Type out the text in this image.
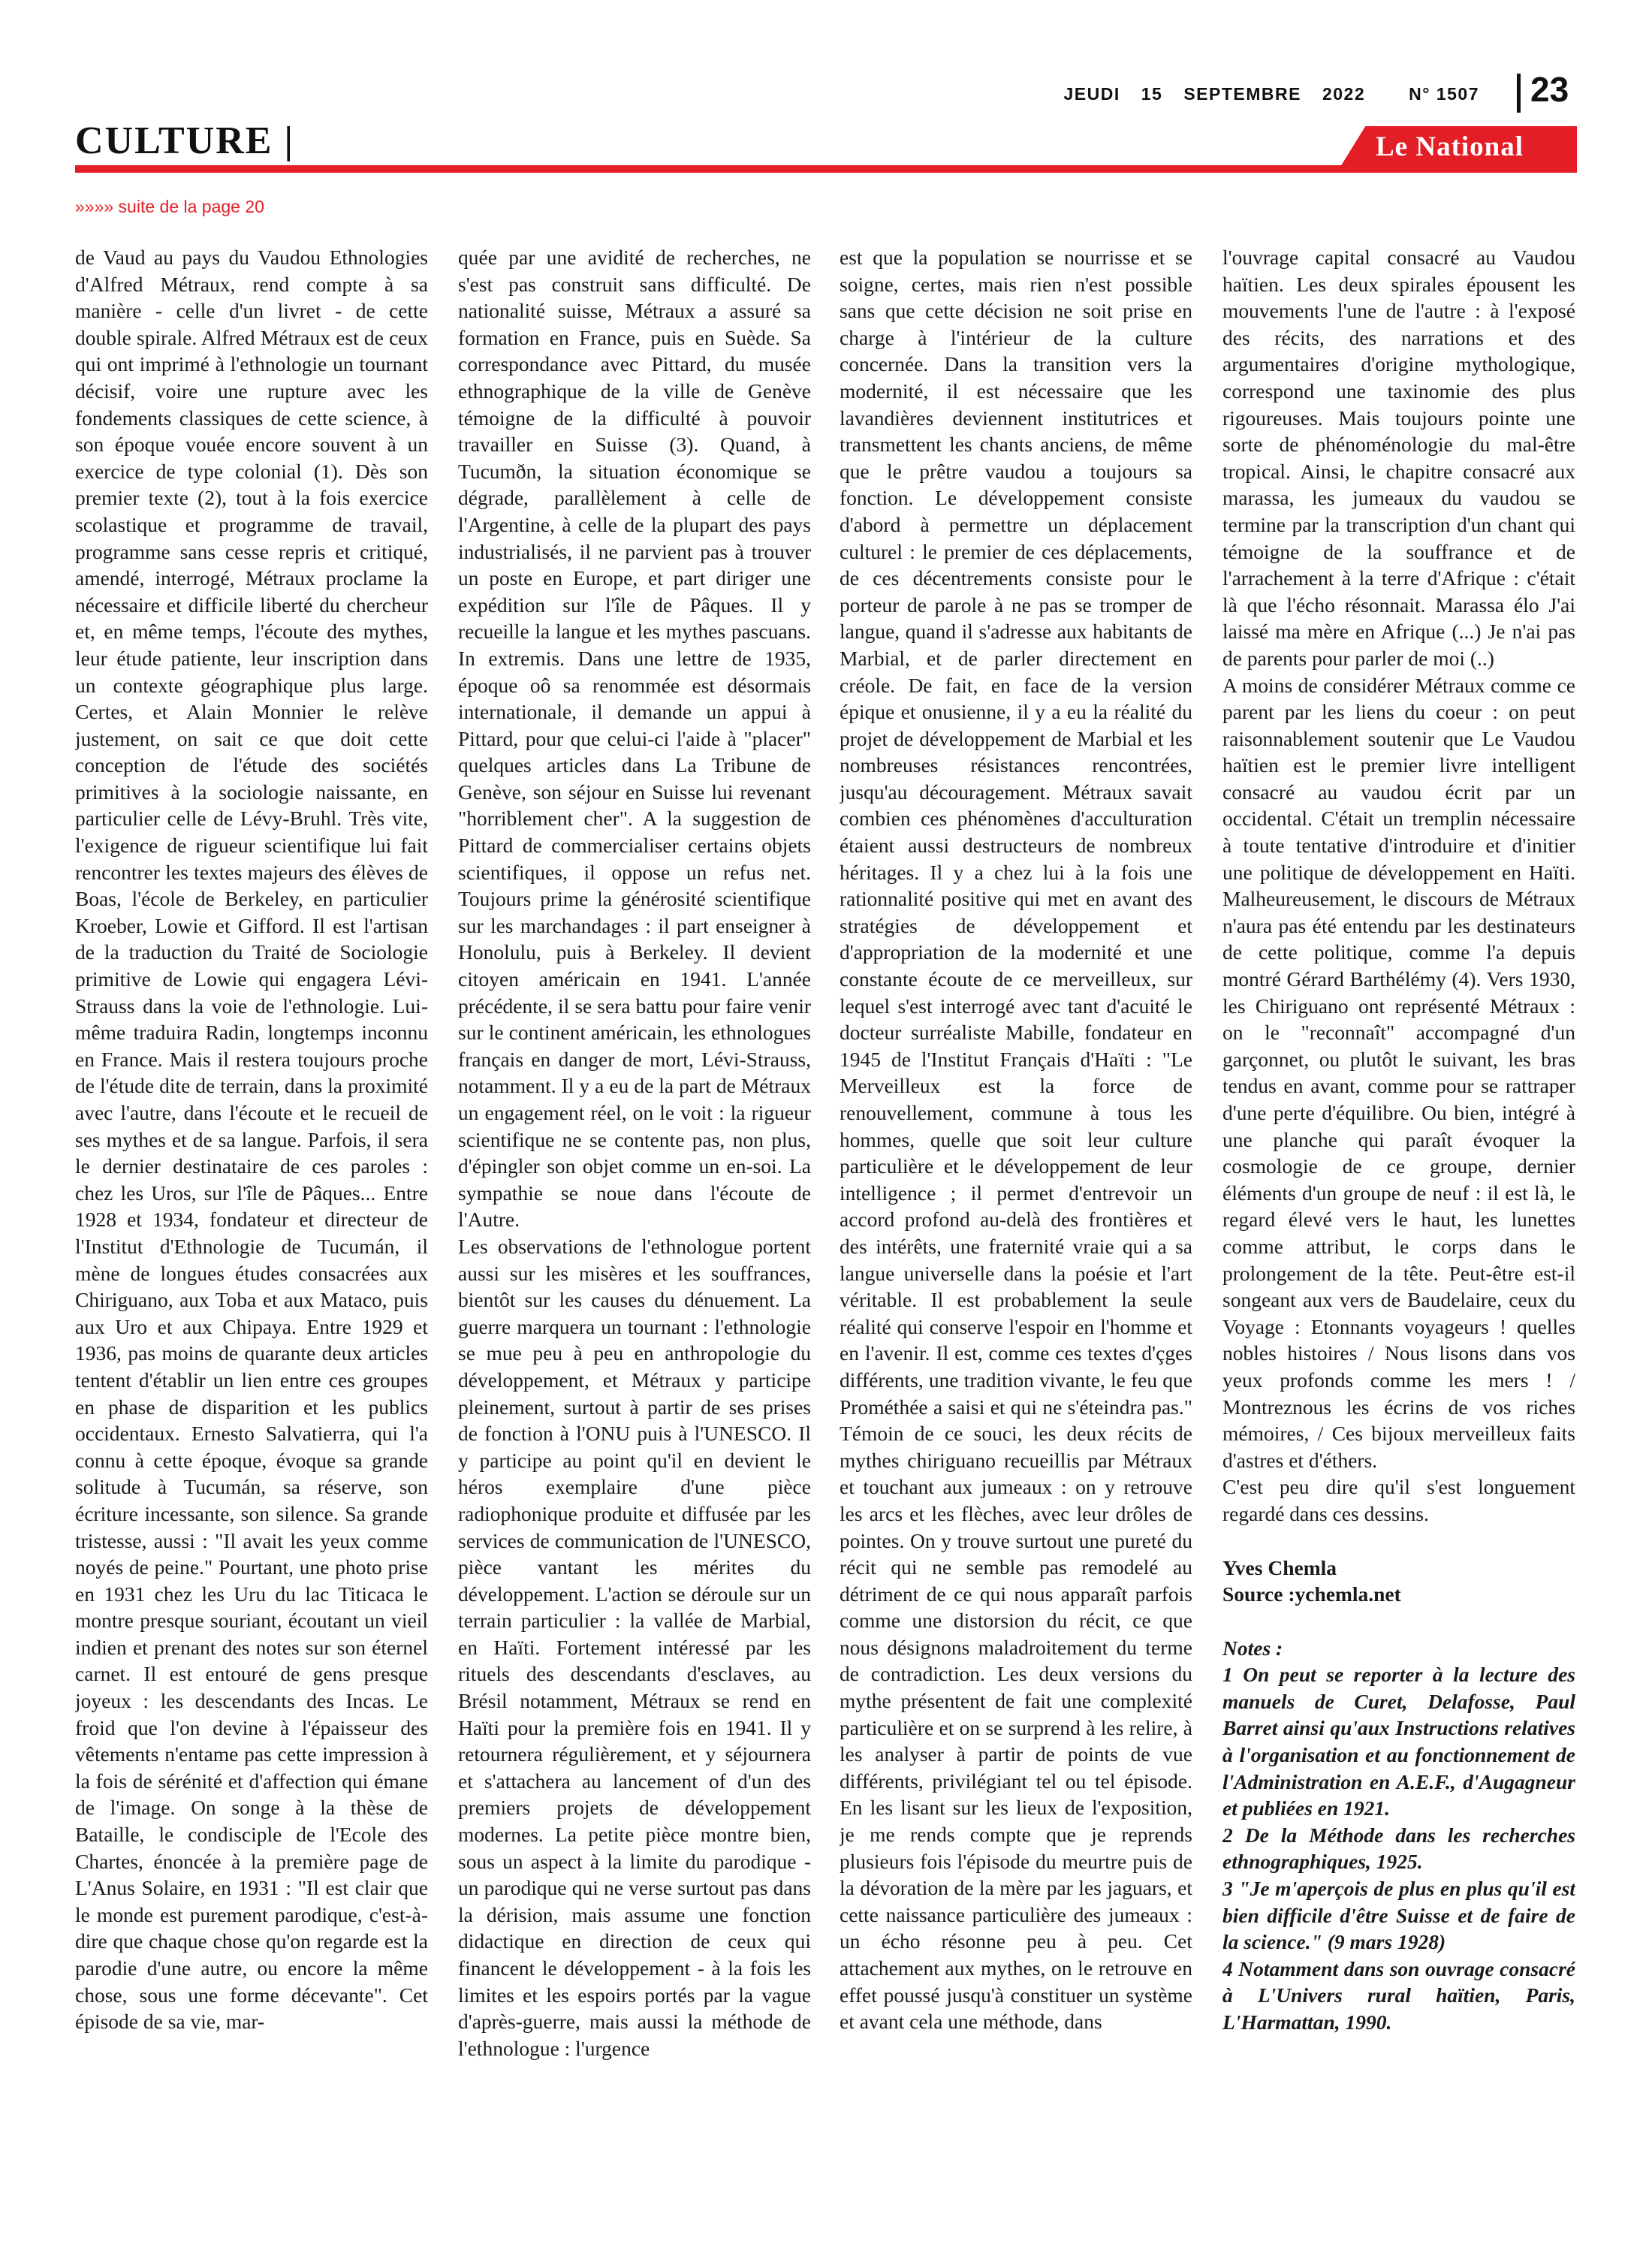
JEUDI 15 SEPTEMBRE 2022	N° 1507 23
CULTURE |	Le National
»»»» suite de la page 20

de Vaud au pays du Vaudou Ethnologies d'Alfred Métraux, rend compte à sa manière - celle d'un livret - de cette double spirale. Alfred Métraux est de ceux qui ont imprimé à l'ethnologie un tournant décisif, voire une rupture avec les fondements classiques de cette science, à son époque vouée encore souvent à un exercice de type colonial (1). Dès son premier texte (2), tout à la fois exercice scolastique et programme de travail, programme sans cesse repris et critiqué, amendé, interrogé, Métraux proclame la nécessaire et difficile liberté du chercheur et, en même temps, l'écoute des mythes, leur étude patiente, leur inscription dans un contexte géographique plus large. Certes, et Alain Monnier le relève justement, on sait ce que doit cette conception de l'étude des sociétés primitives à la sociologie naissante, en particulier celle de Lévy-Bruhl. Très vite, l'exigence de rigueur scientifique lui fait rencontrer les textes majeurs des élèves de Boas, l'école de Berkeley, en particulier Kroeber, Lowie et Gifford. Il est l'artisan de la traduction du Traité de Sociologie primitive de Lowie qui engagera Lévi-Strauss dans la voie de l'ethnologie. Lui-même traduira Radin, longtemps inconnu en France. Mais il restera toujours proche de l'étude dite de terrain, dans la proximité avec l'autre, dans l'écoute et le recueil de ses mythes et de sa langue. Parfois, il sera le dernier destinataire de ces paroles : chez les Uros, sur l'île de Pâques... Entre 1928 et 1934, fondateur et directeur de l'Institut d'Ethnologie de Tucumán, il mène de longues études consacrées aux Chiriguano, aux Toba et aux Mataco, puis aux Uro et aux Chipaya. Entre 1929 et 1936, pas moins de quarante deux articles tentent d'établir un lien entre ces groupes en phase de disparition et les publics occidentaux. Ernesto Salvatierra, qui l'a connu à cette époque, évoque sa grande solitude à Tucumán, sa réserve, son écriture incessante, son silence. Sa grande tristesse, aussi : "Il avait les yeux comme noyés de peine." Pourtant, une photo prise en 1931 chez les Uru du lac Titicaca le montre presque souriant, écoutant un vieil indien et prenant des notes sur son éternel carnet. Il est entouré de gens presque joyeux : les descendants des Incas. Le froid que l'on devine à l'épaisseur des vêtements n'entame pas cette impression à la fois de sérénité et d'affection qui émane de l'image. On songe à la thèse de Bataille, le condisciple de l'Ecole des Chartes, énoncée à la première page de L'Anus Solaire, en 1931 : "Il est clair que le monde est purement parodique, c'est-à-dire que chaque chose qu'on regarde est la parodie d'une autre, ou encore la même chose, sous une forme décevante". Cet épisode de sa vie, mar-

quée par une avidité de recherches, ne s'est pas construit sans difficulté. De nationalité suisse, Métraux a assuré sa formation en France, puis en Suède. Sa correspondance avec Pittard, du musée ethnographique de la ville de Genève témoigne de la difficulté à pouvoir travailler en Suisse (3). Quand, à Tucumðn, la situation économique se dégrade, parallèlement à celle de l'Argentine, à celle de la plupart des pays industrialisés, il ne parvient pas à trouver un poste en Europe, et part diriger une expédition sur l'île de Pâques. Il y recueille la langue et les mythes pascuans. In extremis. Dans une lettre de 1935, époque oô sa renommée est désormais internationale, il demande un appui à Pittard, pour que celui-ci l'aide à "placer" quelques articles dans La Tribune de Genève, son séjour en Suisse lui revenant "horriblement cher". A la suggestion de Pittard de commercialiser certains objets scientifiques, il oppose un refus net. Toujours prime la générosité scientifique sur les marchandages : il part enseigner à Honolulu, puis à Berkeley. Il devient citoyen américain en 1941. L'année précédente, il se sera battu pour faire venir sur le continent américain, les ethnologues français en danger de mort, Lévi-Strauss, notamment. Il y a eu de la part de Métraux un engagement réel, on le voit : la rigueur scientifique ne se contente pas, non plus, d'épingler son objet comme un en-soi. La sympathie se noue dans l'écoute de l'Autre.

Les observations de l'ethnologue portent aussi sur les misères et les souffrances, bientôt sur les causes du dénuement. La guerre marquera un tournant : l'ethnologie se mue peu à peu en anthropologie du développement, et Métraux y participe pleinement, surtout à partir de ses prises de fonction à l'ONU puis à l'UNESCO. Il y participe au point qu'il en devient le héros exemplaire d'une pièce radiophonique produite et diffusée par les services de communication de l'UNESCO, pièce vantant les mérites du développement. L'action se déroule sur un terrain particulier : la vallée de Marbial, en Haïti. Fortement intéressé par les rituels des descendants d'esclaves, au Brésil notamment, Métraux se rend en Haïti pour la première fois en 1941. Il y retournera régulièrement, et y séjournera et s'attachera au lancement of d'un des premiers projets de développement modernes. La petite pièce montre bien, sous un aspect à la limite du parodique - un parodique qui ne verse surtout pas dans la dérision, mais assume une fonction didactique en direction de ceux qui financent le développement - à la fois les limites et les espoirs portés par la vague d'après-guerre, mais aussi la méthode de l'ethnologue : l'urgence

est que la population se nourrisse et se soigne, certes, mais rien n'est possible sans que cette décision ne soit prise en charge à l'intérieur de la culture concernée. Dans la transition vers la modernité, il est nécessaire que les lavandières deviennent institutrices et transmettent les chants anciens, de même que le prêtre vaudou a toujours sa fonction. Le développement consiste d'abord à permettre un déplacement culturel : le premier de ces déplacements, de ces décentrements consiste pour le porteur de parole à ne pas se tromper de langue, quand il s'adresse aux habitants de Marbial, et de parler directement en créole. De fait, en face de la version épique et onusienne, il y a eu la réalité du projet de développement de Marbial et les nombreuses résistances rencontrées, jusqu'au découragement. Métraux savait combien ces phénomènes d'acculturation étaient aussi destructeurs de nombreux héritages. Il y a chez lui à la fois une rationnalité positive qui met en avant des stratégies de développement et d'appropriation de la modernité et une constante écoute de ce merveilleux, sur lequel s'est interrogé avec tant d'acuité le docteur surréaliste Mabille, fondateur en 1945 de l'Institut Français d'Haïti : "Le Merveilleux est la force de renouvellement, commune à tous les hommes, quelle que soit leur culture particulière et le développement de leur intelligence ; il permet d'entrevoir un accord profond au-delà des frontières et des intérêts, une fraternité vraie qui a sa langue universelle dans la poésie et l'art véritable. Il est probablement la seule réalité qui conserve l'espoir en l'homme et en l'avenir. Il est, comme ces textes d'çges différents, une tradition vivante, le feu que Prométhée a saisi et qui ne s'éteindra pas." Témoin de ce souci, les deux récits de mythes chiriguano recueillis par Métraux et touchant aux jumeaux : on y retrouve les arcs et les flèches, avec leur drôles de pointes. On y trouve surtout une pureté du récit qui ne semble pas remodelé au détriment de ce qui nous apparaît parfois comme une distorsion du récit, ce que nous désignons maladroitement du terme de contradiction. Les deux versions du mythe présentent de fait une complexité particulière et on se surprend à les relire, à les analyser à partir de points de vue différents, privilégiant tel ou tel épisode. En les lisant sur les lieux de l'exposition, je me rends compte que je reprends plusieurs fois l'épisode du meurtre puis de la dévoration de la mère par les jaguars, et cette naissance particulière des jumeaux : un écho résonne peu à peu. Cet attachement aux mythes, on le retrouve en effet poussé jusqu'à constituer un système et avant cela une méthode, dans

l'ouvrage capital consacré au Vaudou haïtien. Les deux spirales épousent les mouvements l'une de l'autre : à l'exposé des récits, des narrations et des argumentaires d'origine mythologique, correspond une taxinomie des plus rigoureuses. Mais toujours pointe une sorte de phénoménologie du mal-être tropical. Ainsi, le chapitre consacré aux marassa, les jumeaux du vaudou se termine par la transcription d'un chant qui témoigne de la souffrance et de l'arrachement à la terre d'Afrique : c'était là que l'écho résonnait. Marassa élo J'ai laissé ma mère en Afrique (...) Je n'ai pas de parents pour parler de moi (..)

A moins de considérer Métraux comme ce parent par les liens du coeur : on peut raisonnablement soutenir que Le Vaudou haïtien est le premier livre intelligent consacré au vaudou écrit par un occidental. C'était un tremplin nécessaire à toute tentative d'introduire et d'initier une politique de développement en Haïti. Malheureusement, le discours de Métraux n'aura pas été entendu par les destinateurs de cette politique, comme l'a depuis montré Gérard Barthélémy (4). Vers 1930, les Chiriguano ont représenté Métraux : on le "reconnaît" accompagné d'un garçonnet, ou plutôt le suivant, les bras tendus en avant, comme pour se rattraper d'une perte d'équilibre. Ou bien, intégré à une planche qui paraît évoquer la cosmologie de ce groupe, dernier éléments d'un groupe de neuf : il est là, le regard élevé vers le haut, les lunettes comme attribut, le corps dans le prolongement de la tête. Peut-être est-il songeant aux vers de Baudelaire, ceux du Voyage : Etonnants voyageurs ! quelles nobles histoires / Nous lisons dans vos yeux profonds comme les mers ! / Montreznous les écrins de vos riches mémoires, / Ces bijoux merveilleux faits d'astres et d'éthers.

C'est peu dire qu'il s'est longuement regardé dans ces dessins.

Yves Chemla

Source :ychemla.net

Notes :

1 On peut se reporter à la lecture des manuels de Curet, Delafosse, Paul Barret ainsi qu'aux Instructions relatives à l'organisation et au fonctionnement de l'Administration en A.E.F., d'Augagneur et publiées en 1921.

2 De la Méthode dans les recherches ethnographiques, 1925.

3 "Je m'aperçois de plus en plus qu'il est bien difficile d'être Suisse et de faire de la science." (9 mars 1928)

4 Notamment dans son ouvrage consacré à L'Univers rural haïtien, Paris, L'Harmattan, 1990.
